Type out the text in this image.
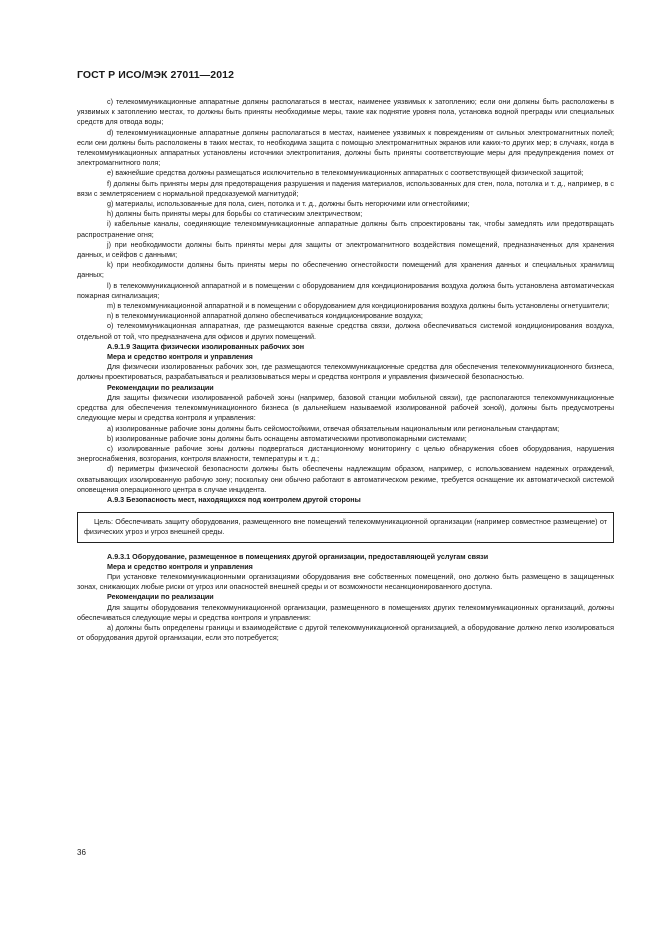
ГОСТ Р ИСО/МЭК 27011—2012

c) телекоммуникационные аппаратные должны располагаться в местах, наименее уязвимых к затоплению; если они должны быть расположены в уязвимых к затоплению местах, то должны быть приняты необходимые меры, такие как поднятие уровня пола, установка водной преграды или специальных средств для отвода воды;

d) телекоммуникационные аппаратные должны располагаться в местах, наименее уязвимых к повреждениям от сильных электромагнитных полей; если они должны быть расположены в таких местах, то необходима защита с помощью электромагнитных экранов или каких-то других мер; в случаях, когда в телекоммуникационных аппаратных установлены источники электропитания, должны быть приняты соответствующие меры для предупреждения помех от электромагнитного поля;

e) важнейшие средства должны размещаться исключительно в телекоммуникационных аппаратных с соответствующей физической защитой;

f) должны быть приняты меры для предотвращения разрушения и падения материалов, использованных для стен, пола, потолка и т. д., например, в с вязи с землетрясением с нормальной предсказуемой магнитудой;

g) материалы, использованные для пола, сиен, потолка и т. д., должны быть негорючими или огнестойкими;

h) должны быть приняты меры для борьбы со статическим электричеством;

i) кабельные каналы, соединяющие телекоммуникационные аппаратные должны быть спроектированы так, чтобы замедлять или предотвращать распространение огня;

j) при необходимости должны быть приняты меры для защиты от электромагнитного воздействия помещений, предназначенных для хранения данных, и сейфов с данными;

k) при необходимости должны быть приняты меры по обеспечению огнестойкости помещений для хранения данных и специальных хранилищ данных;

l) в телекоммуникационной аппаратной и в помещении с оборудованием для кондиционирования воздуха должна быть установлена автоматическая пожарная сигнализация;

m) в телекоммуникационной аппаратной и в помещении с оборудованием для кондиционирования воздуха должны быть установлены огнетушители;

n) в телекоммуникационной аппаратной должно обеспечиваться кондиционирование воздуха;

o) телекоммуникационная аппаратная, где размещаются важные средства связи, должна обеспечиваться системой кондиционирования воздуха, отдельной от той, что предназначена для офисов и других помещений.

А.9.1.9 Защита физически изолированных рабочих зон

Мера и средство контроля и управления

Для физически изолированных рабочих зон, где размещаются телекоммуникационные средства для обеспечения телекоммуникационного бизнеса, должны проектироваться, разрабатываться и реализовываться меры и средства контроля и управления физической безопасностью.

Рекомендации по реализации

Для защиты физически изолированной рабочей зоны (например, базовой станции мобильной связи), где располагаются телекоммуникационные средства для обеспечения телекоммуникационного бизнеса (в дальнейшем называемой изолированной рабочей зоной), должны быть предусмотрены следующие меры и средства контроля и управления:

a) изолированные рабочие зоны должны быть сейсмостойкими, отвечая обязательным национальным или региональным стандартам;

b) изолированные рабочие зоны должны быть оснащены автоматическими противопожарными системами;

c) изолированные рабочие зоны должны подвергаться дистанционному мониторингу с целью обнаружения сбоев оборудования, нарушения энергоснабжения, возгорания, контроля влажности, температуры и т. д.;

d) периметры физической безопасности должны быть обеспечены надлежащим образом, например, с использованием надежных ограждений, охватывающих изолированную рабочую зону; поскольку они обычно работают в автоматическом режиме, требуется оснащение их автоматической системой оповещения операционного центра в случае инцидента.

А.9.3 Безопасность мест, находящихся под контролем другой стороны

Цель: Обеспечивать защиту оборудования, размещенного вне помещений телекоммуникационной организации (например совместное размещение) от физических угроз и угроз внешней среды.

А.9.3.1 Оборудование, размещенное в помещениях другой организации, предоставляющей услугам связи

Мера и средство контроля и управления

При установке телекоммуникационными организациями оборудования вне собственных помещений, оно должно быть размещено в защищенных зонах, снижающих любые риски от угроз или опасностей внешней среды и от возможности несанкционированного доступа.

Рекомендации по реализации

Для защиты оборудования телекоммуникационной организации, размещенного в помещениях других телекоммуникационных организаций, должны обеспечиваться следующие меры и средства контроля и управления:

a) должны быть определены границы и взаимодействие с другой телекоммуникационной организацией, а оборудование должно легко изолироваться от оборудования другой организации, если это потребуется;

36
